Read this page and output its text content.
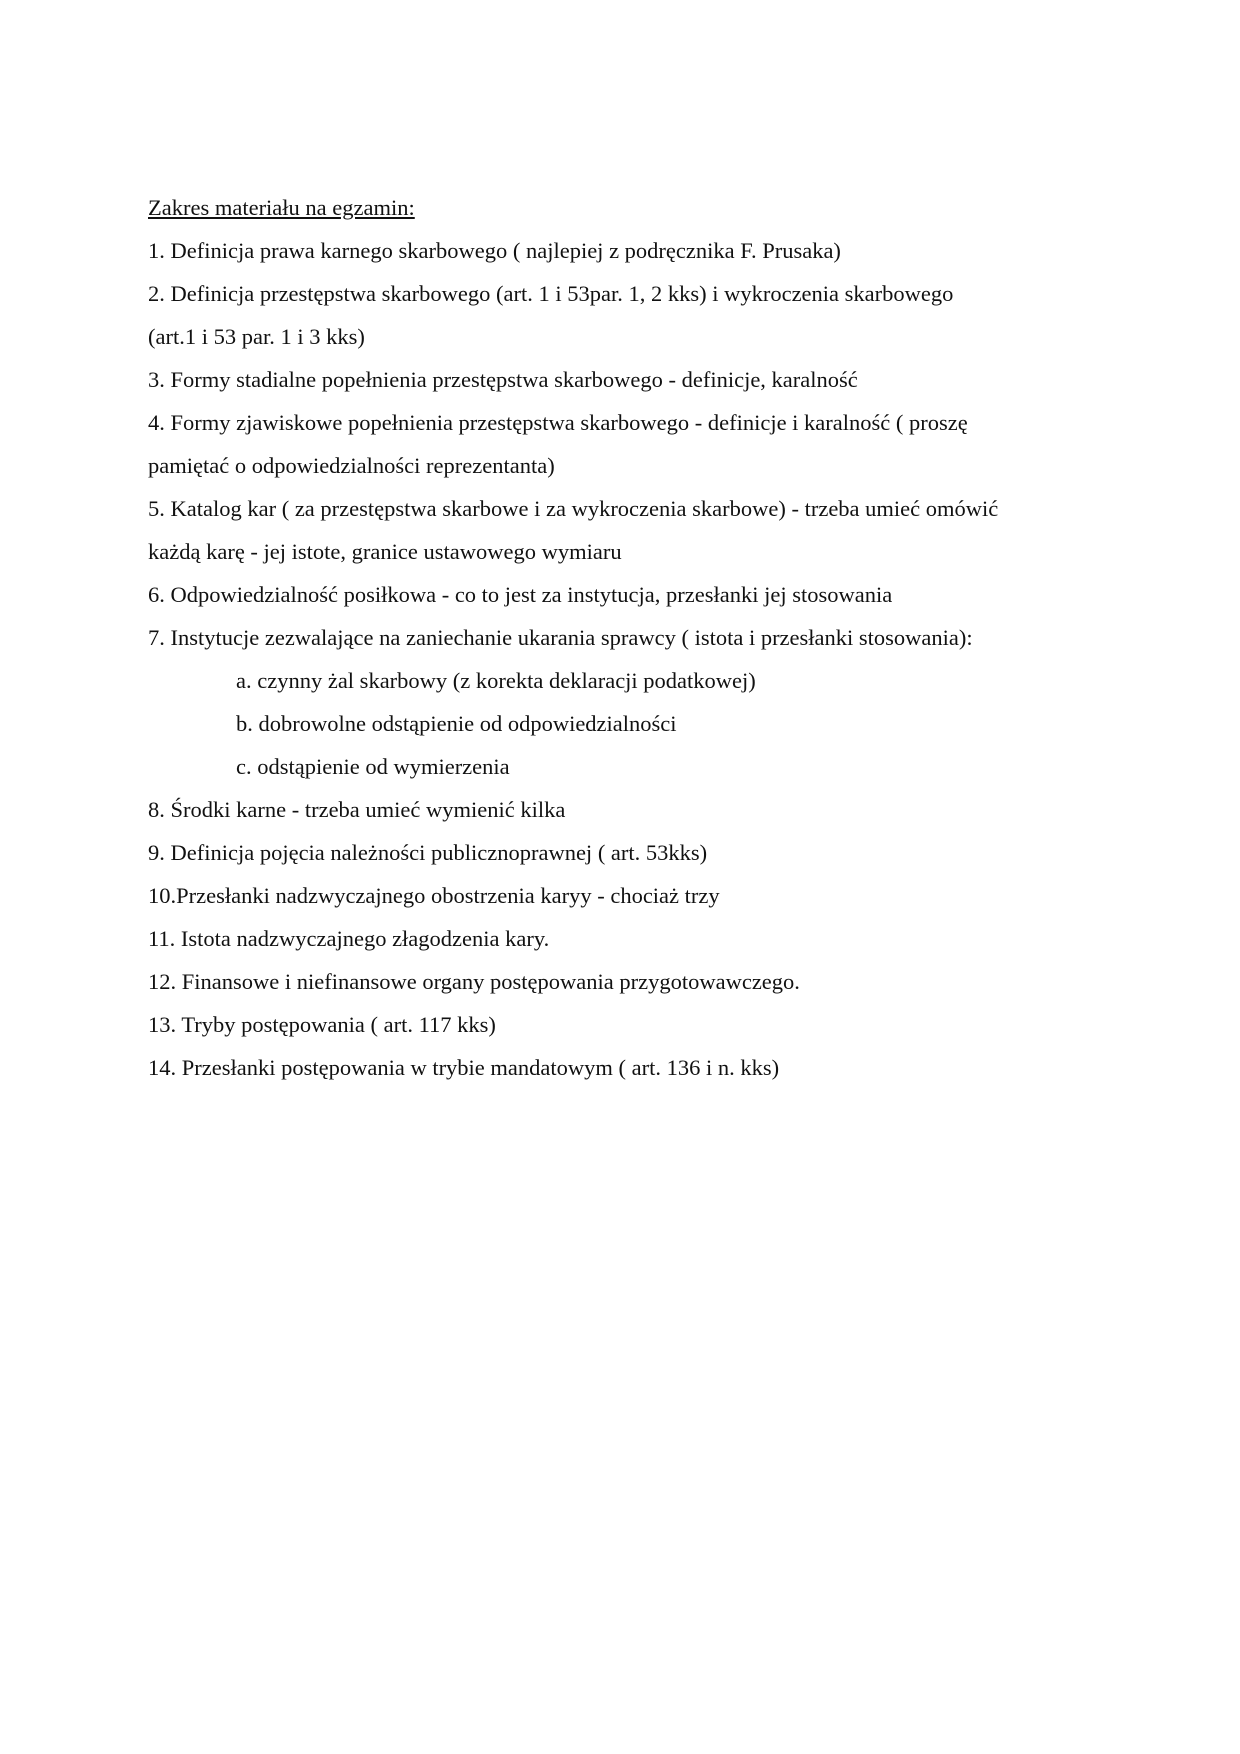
Zakres materiału na egzamin:
1. Definicja prawa karnego skarbowego ( najlepiej z podręcznika F. Prusaka)
2. Definicja przestępstwa skarbowego (art. 1 i 53par. 1, 2 kks) i wykroczenia skarbowego
(art.1 i 53 par. 1 i 3 kks)
3. Formy stadialne popełnienia przestępstwa skarbowego - definicje, karalność
4. Formy zjawiskowe popełnienia przestępstwa skarbowego - definicje i karalność ( proszę
pamiętać o odpowiedzialności reprezentanta)
5. Katalog kar ( za przestępstwa skarbowe i za wykroczenia skarbowe) - trzeba umieć omówić
każdą karę - jej istote, granice ustawowego wymiaru
6. Odpowiedzialność posiłkowa - co to jest za instytucja, przesłanki jej stosowania
7. Instytucje zezwalające na zaniechanie ukarania sprawcy ( istota i przesłanki stosowania):
a. czynny żal skarbowy (z korekta deklaracji podatkowej)
b. dobrowolne odstąpienie od odpowiedzialności
c. odstąpienie od wymierzenia
8. Środki karne - trzeba umieć wymienić kilka
9. Definicja pojęcia należności publicznoprawnej ( art. 53kks)
10.Przesłanki nadzwyczajnego obostrzenia karyy - chociaż trzy
11. Istota nadzwyczajnego złagodzenia kary.
12. Finansowe i niefinansowe organy postępowania przygotowawczego.
13. Tryby postępowania ( art. 117 kks)
14. Przesłanki postępowania w trybie mandatowym ( art. 136 i n. kks)
